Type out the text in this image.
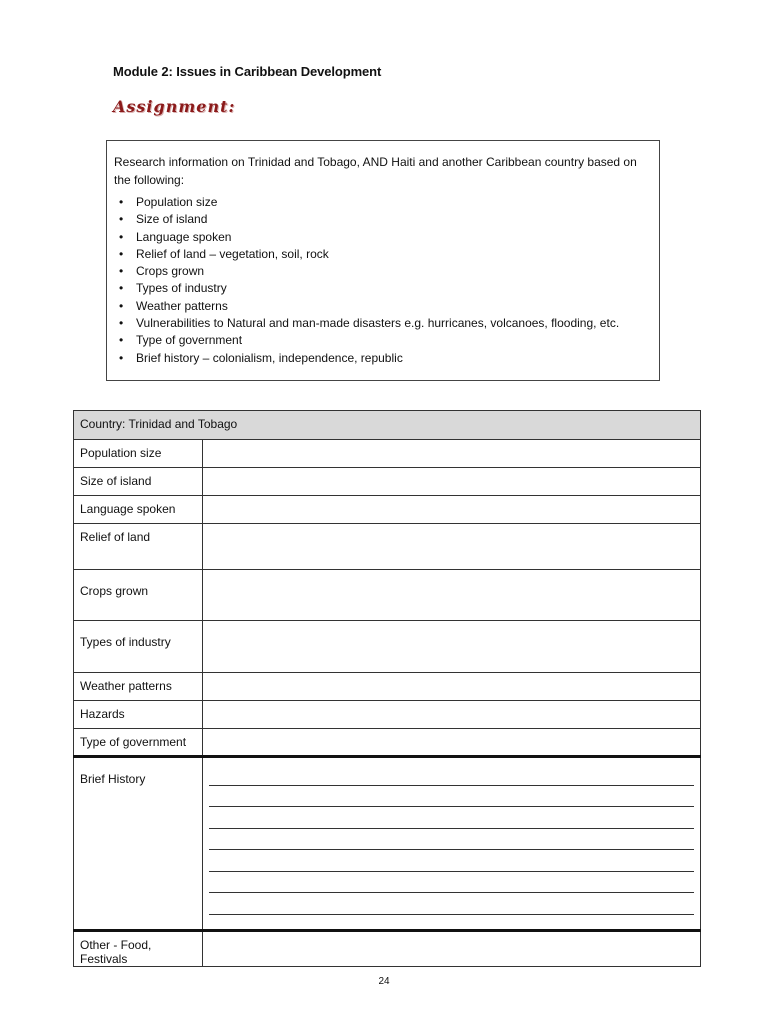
Module 2: Issues in Caribbean Development
Assignment:

Research information on Trinidad and Tobago, AND Haiti and another Caribbean country based on the following:

• Population size
• Size of island
• Language spoken
• Relief of land – vegetation, soil, rock
• Crops grown
• Types of industry
• Weather patterns
• Vulnerabilities to Natural and man-made disasters e.g. hurricanes, volcanoes, flooding, etc.
• Type of government
• Brief history – colonialism, independence, republic
Country: Trinidad and Tobago	
Population size	
Size of island	
Language spoken	
Relief of land	
Crops grown	
Types of industry	
Weather patterns	
Hazards	
Type of government	
Brief History	

Other - Food, Festivals	
24
